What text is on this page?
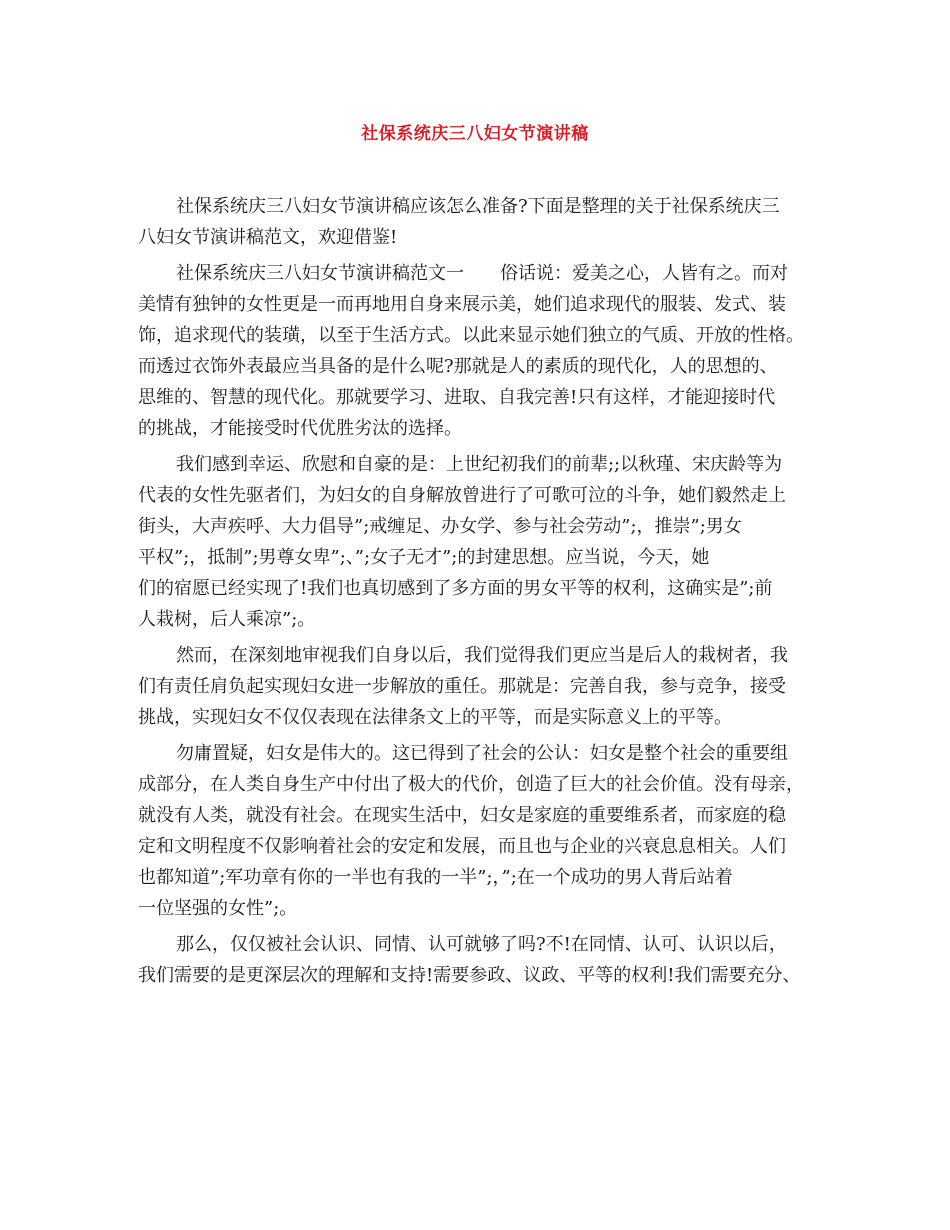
社保系统庆三八妇女节演讲稿
社保系统庆三八妇女节演讲稿应该怎么准备?下面是整理的关于社保系统庆三
八妇女节演讲稿范文，欢迎借鉴!
社保系统庆三八妇女节演讲稿范文一　　俗话说：爱美之心，人皆有之。而对
美情有独钟的女性更是一而再地用自身来展示美，她们追求现代的服装、发式、装
饰，追求现代的装璜，以至于生活方式。以此来显示她们独立的气质、开放的性格。
而透过衣饰外表最应当具备的是什么呢?那就是人的素质的现代化，人的思想的、
思维的、智慧的现代化。那就要学习、进取、自我完善!只有这样，才能迎接时代
的挑战，才能接受时代优胜劣汰的选择。
我们感到幸运、欣慰和自豪的是：上世纪初我们的前辈;;以秋瑾、宋庆龄等为
代表的女性先驱者们，为妇女的自身解放曾进行了可歌可泣的斗争，她们毅然走上
街头，大声疾呼、大力倡导”;戒缠足、办女学、参与社会劳动”;，推崇”;男女
平权”;，抵制”;男尊女卑”;、”;女子无才”;的封建思想。应当说，今天，她
们的宿愿已经实现了!我们也真切感到了多方面的男女平等的权利，这确实是”;前
人栽树，后人乘凉”;。
然而，在深刻地审视我们自身以后，我们觉得我们更应当是后人的栽树者，我
们有责任肩负起实现妇女进一步解放的重任。那就是：完善自我，参与竞争，接受
挑战，实现妇女不仅仅表现在法律条文上的平等，而是实际意义上的平等。
勿庸置疑，妇女是伟大的。这已得到了社会的公认：妇女是整个社会的重要组
成部分，在人类自身生产中付出了极大的代价，创造了巨大的社会价值。没有母亲，
就没有人类，就没有社会。在现实生活中，妇女是家庭的重要维系者，而家庭的稳
定和文明程度不仅影响着社会的安定和发展，而且也与企业的兴衰息息相关。人们
也都知道”;军功章有你的一半也有我的一半”;，”;在一个成功的男人背后站着
一位坚强的女性”;。
那么，仅仅被社会认识、同情、认可就够了吗?不!在同情、认可、认识以后，
我们需要的是更深层次的理解和支持!需要参政、议政、平等的权利!我们需要充分、
